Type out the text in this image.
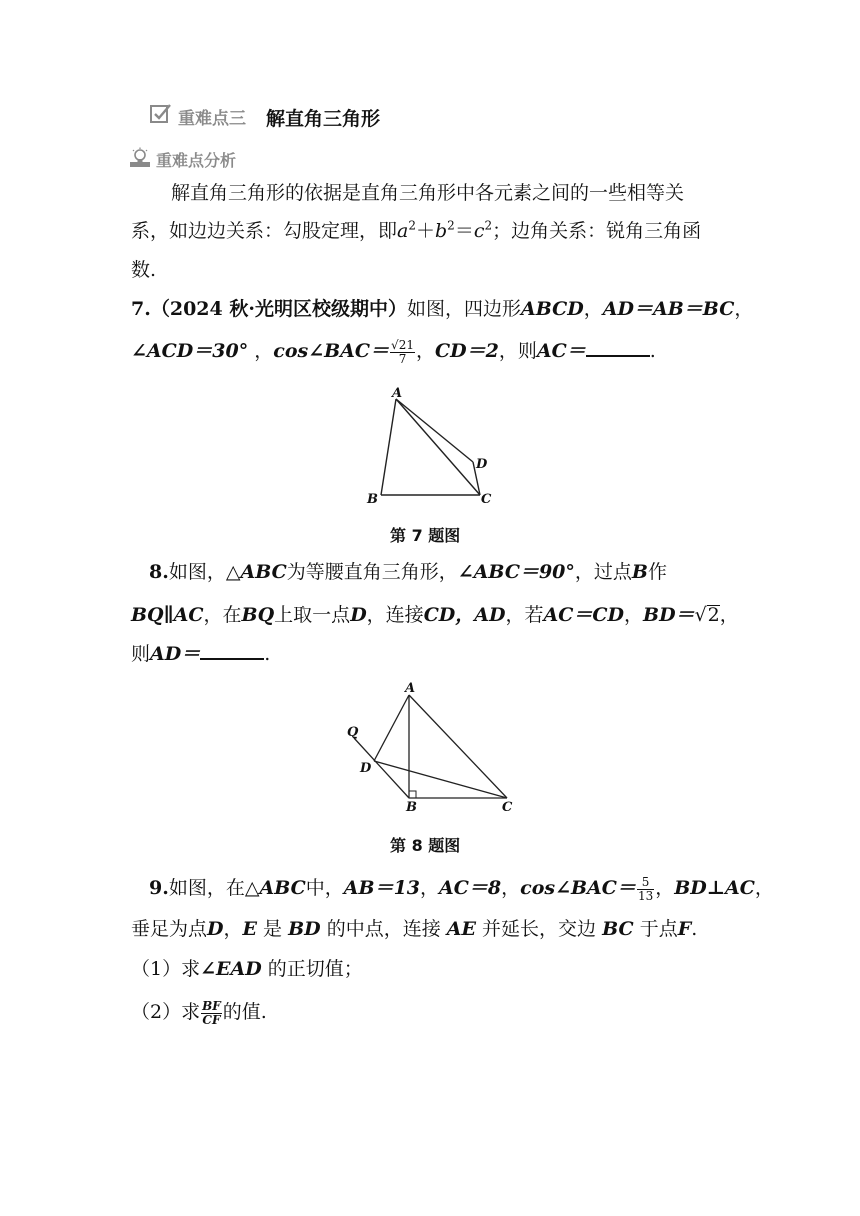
重难点三 解直角三角形
重难点分析
解直角三角形的依据是直角三角形中各元素之间的一些相等关
系，如边边关系：勾股定理，即$a^2+b^2=c^2$；边角关系：锐角三角函
数.
7.（2024 秋·光明区校级期中）如图，四边形ABCD，AD＝AB＝BC，
∠ACD＝30° ，cos∠BAC＝ $\frac{√21}{7}$ ，CD＝2，则AC＝	.
A
B	C
D
第 7 题图
8.如图，△ABC为等腰直角三角形，∠ABC＝90°，过点B作
BQ∥AC，在BQ上取一点D，连接CD，AD，若AC＝CD，BD＝√2，
则AD＝	.
A
B	C
D
Q
第 8 题图
9.如图，在△ABC中，AB＝13，AC＝8，cos∠BAC＝ $\frac{5}{13}$ ，BD⊥AC，
垂足为点D，E 是 BD 的中点，连接 AE 并延长，交边 BC 于点F.
（1）求∠EAD 的正切值；
（2）求 $\frac{BF}{CF}$ 的值.
